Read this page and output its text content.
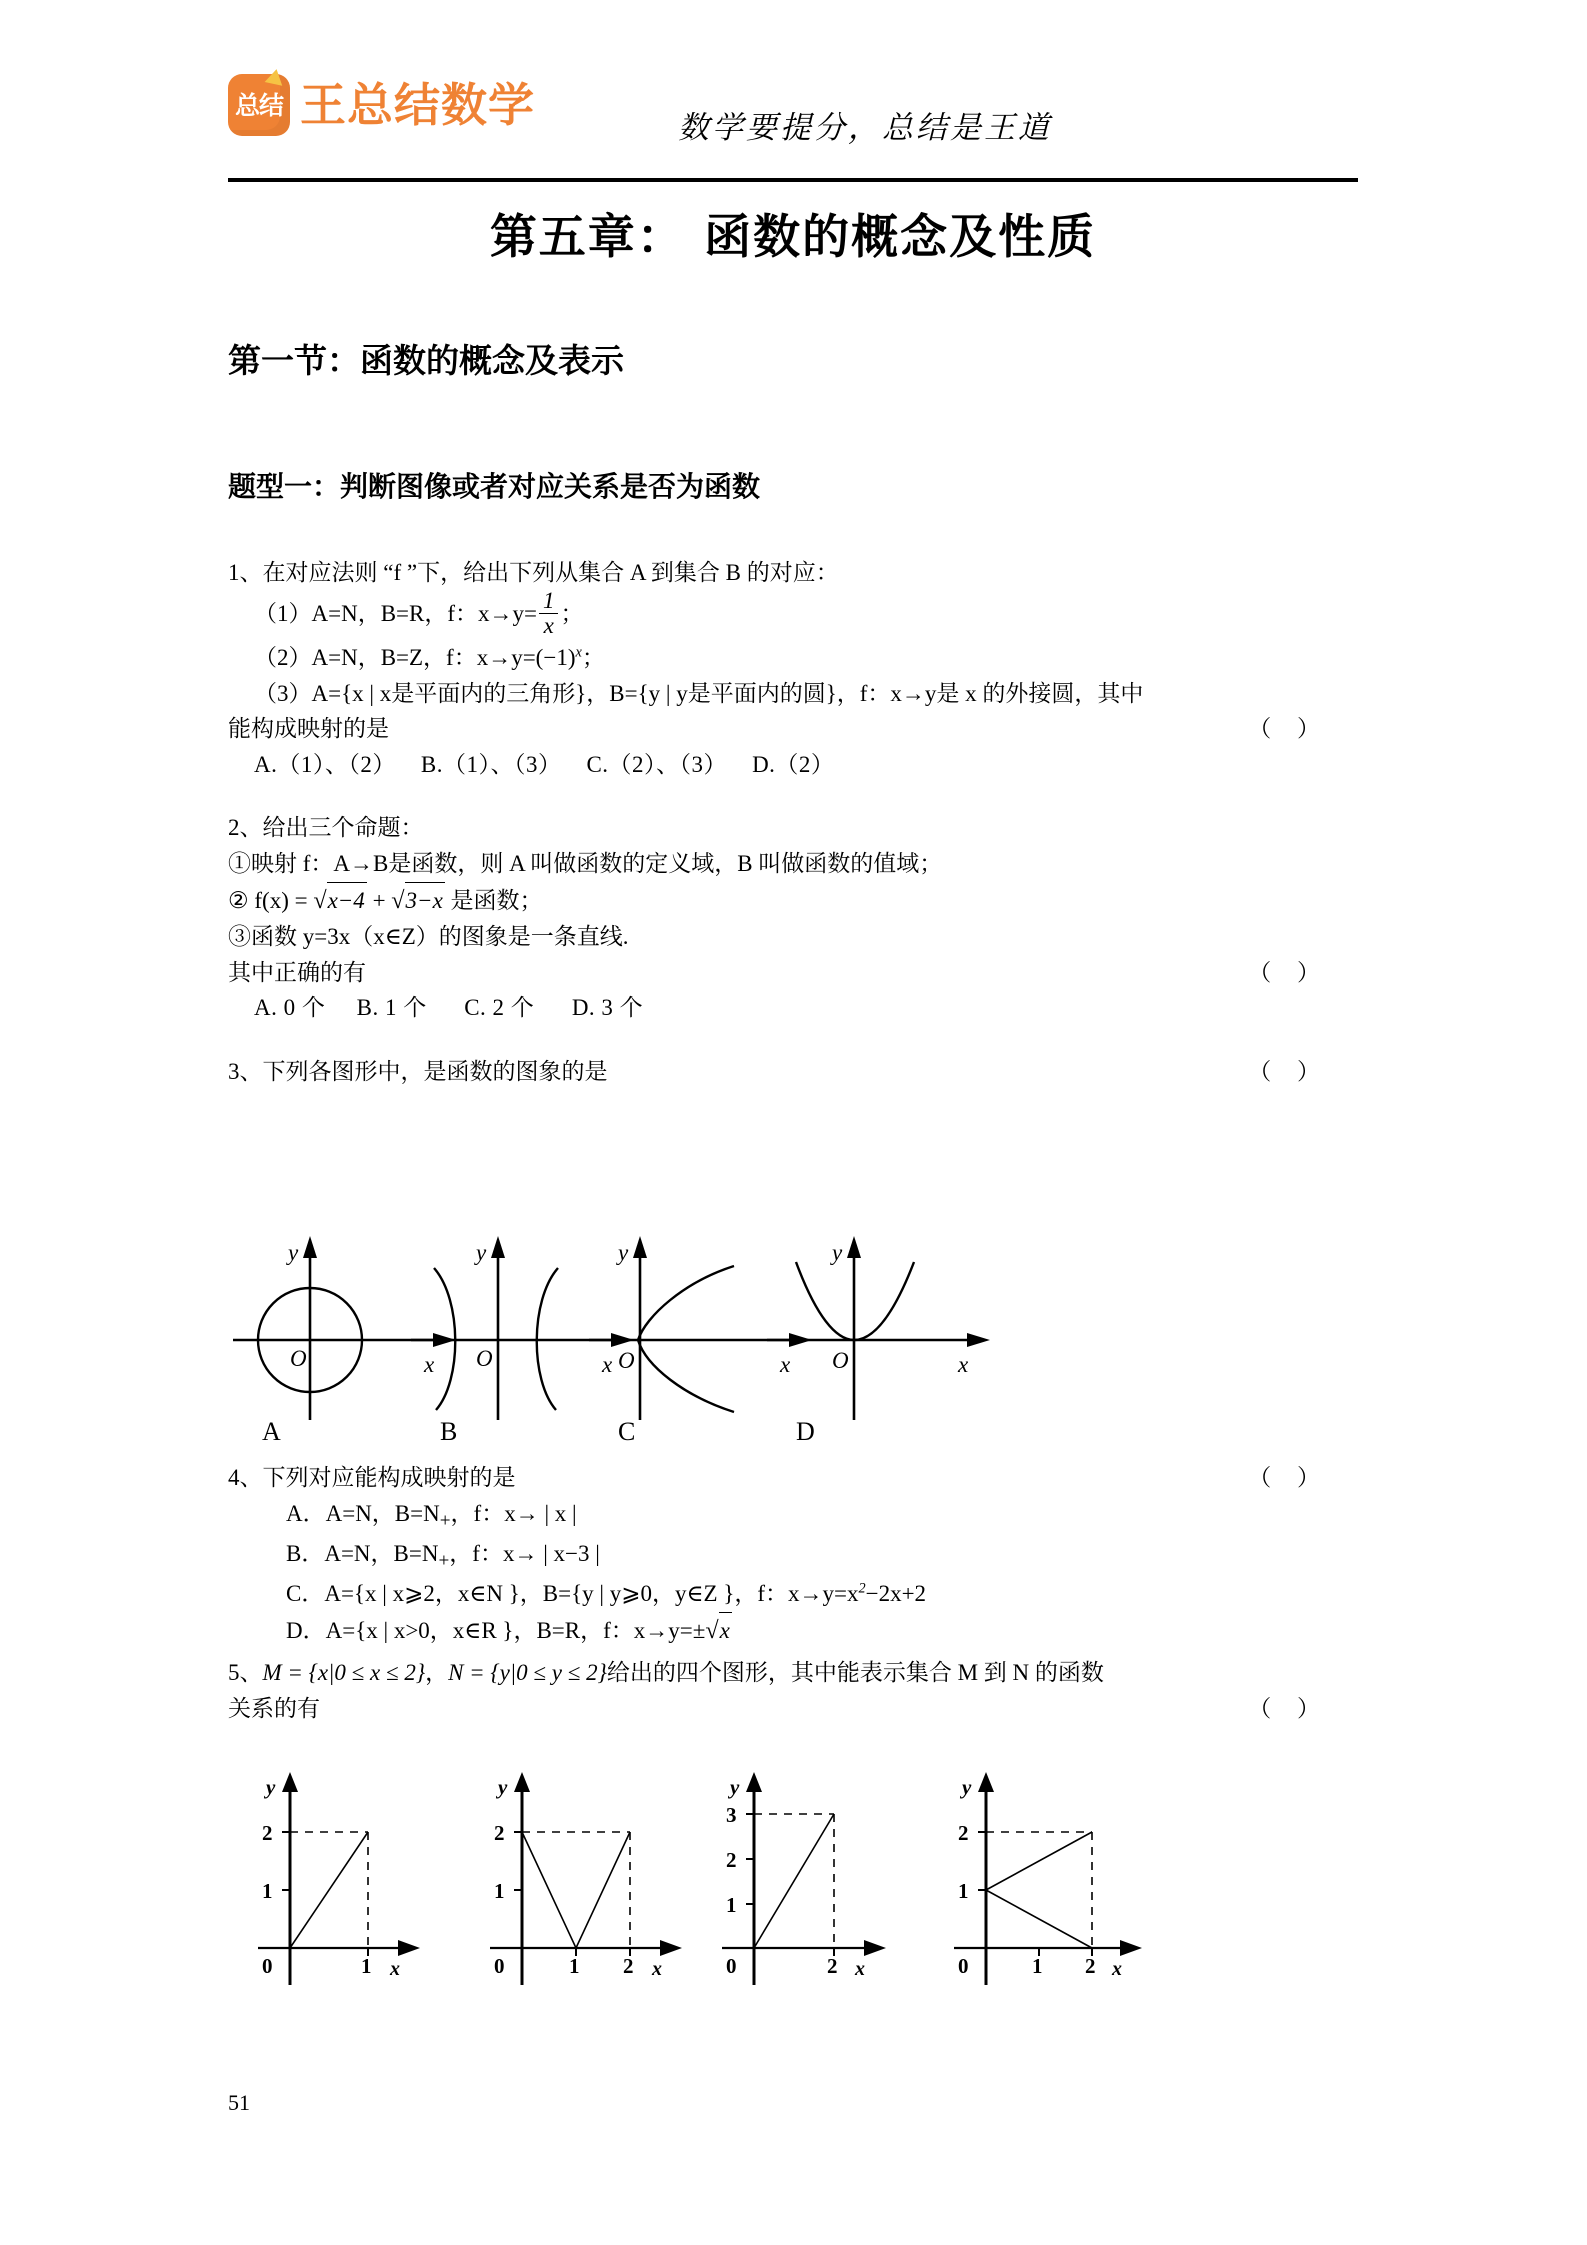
总结 王总结数学	数学要提分，总结是王道
第五章： 函数的概念及性质
第一节：函数的概念及表示
题型一：判断图像或者对应关系是否为函数
1、在对应法则 “f ”下，给出下列从集合 A 到集合 B 的对应：
（1）A=N，B=R，f：$x\to y= \frac{1}{x}$ ；
（2）A=N，B=Z，f：$x\to y=(-1)^x$；
（3）A={x | x是平面内的三角形}，B={y | y是平面内的圆}，f：x→y是 x 的外接圆，其中
能构成映射的是	（ ）
A.（1）、（2） B.（1）、（3） C.（2）、（3） D.（2）
2、给出三个命题：
①映射 f：A→B是函数，则 A 叫做函数的定义域，B 叫做函数的值域；
② f(x) = √x−4 + √3−x 是函数；
③函数 y=3x（x∈Z）的图象是一条直线.
其中正确的有	（ ）
A. 0 个 B. 1 个 C. 2 个 D. 3 个
3、下列各图形中，是函数的图象的是	（ ）
O	x
y
A
O	x
y
B
O	x
y
C
O	x
y
D
4、下列对应能构成映射的是	（ ）
A．A=N，$B=N_+$，f：x→ | x |
B．A=N，$B=N_+$，f：x→ | x−3 |
C．A={x | x⩾2，x∈N }，B={y | y⩾0，y∈Z }，f：$x\to y=x^2-2x+2$
D．A={x | x>0，x∈R }，B=R，f：x→y=±√x
5、M = {x|0 ≤ x ≤ 2}，N = {y|0 ≤ y ≤ 2}给出的四个图形，其中能表示集合 M 到 N 的函数
关系的有	（ ）
2
1
0	1 x
y
2
1
0	1 2 x
y
3
2
1
0	2 x
y
2
1
0	1 2 x
y
51
